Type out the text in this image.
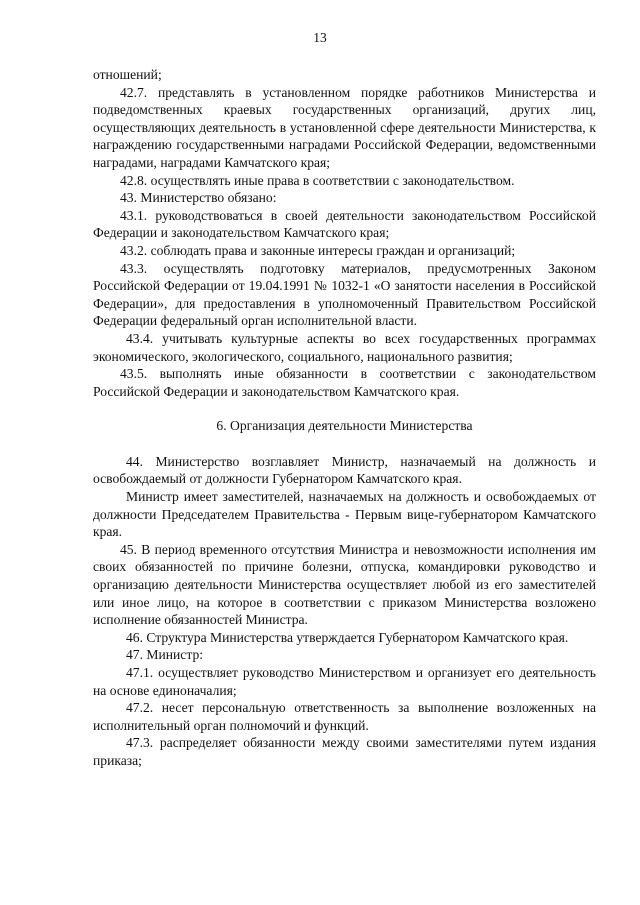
13

отношений;

42.7. представлять в установленном порядке работников Министерства и подведомственных краевых государственных организаций, других лиц, осуществляющих деятельность в установленной сфере деятельности Министерства, к награждению государственными наградами Российской Федерации, ведомственными наградами, наградами Камчатского края;

42.8. осуществлять иные права в соответствии с законодательством.

43. Министерство обязано:

43.1. руководствоваться в своей деятельности законодательством Российской Федерации и законодательством Камчатского края;

43.2. соблюдать права и законные интересы граждан и организаций;

43.3. осуществлять подготовку материалов, предусмотренных Законом Российской Федерации от 19.04.1991 № 1032-1 «О занятости населения в Российской Федерации», для предоставления в уполномоченный Правительством Российской Федерации федеральный орган исполнительной власти.

43.4. учитывать культурные аспекты во всех государственных программах экономического, экологического, социального, национального развития;

43.5. выполнять иные обязанности в соответствии с законодательством Российской Федерации и законодательством Камчатского края.

6. Организация деятельности Министерства

44. Министерство возглавляет Министр, назначаемый на должность и освобождаемый от должности Губернатором Камчатского края.

Министр имеет заместителей, назначаемых на должность и освобождаемых от должности Председателем Правительства - Первым вице-губернатором Камчатского края.

45. В период временного отсутствия Министра и невозможности исполнения им своих обязанностей по причине болезни, отпуска, командировки руководство и организацию деятельности Министерства осуществляет любой из его заместителей или иное лицо, на которое в соответствии с приказом Министерства возложено исполнение обязанностей Министра.

46. Структура Министерства утверждается Губернатором Камчатского края.

47. Министр:

47.1. осуществляет руководство Министерством и организует его деятельность на основе единоначалия;

47.2. несет персональную ответственность за выполнение возложенных на исполнительный орган полномочий и функций.

47.3. распределяет обязанности между своими заместителями путем издания приказа;
